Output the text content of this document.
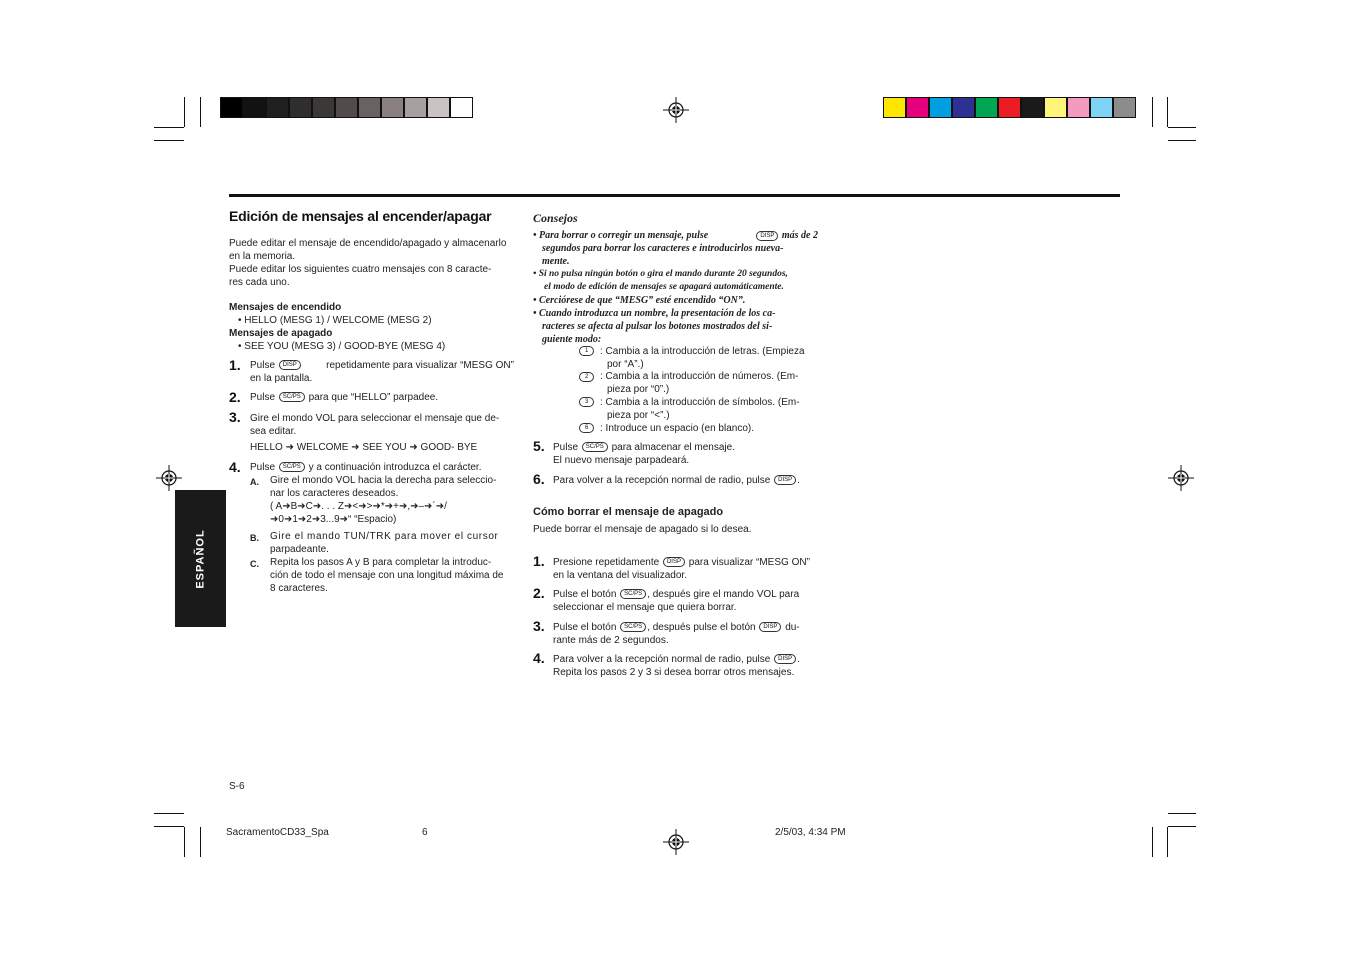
ESPAÑOL
Edición de mensajes al encender/apagar

Puede editar el mensaje de encendido/apagado y almacenarlo

en la memoria.

Puede editar los siguientes cuatro mensajes con 8 caracte-

res cada uno.

Mensajes de encendido

• HELLO (MESG 1) / WELCOME (MESG 2)

Mensajes de apagado

• SEE YOU (MESG 3) / GOOD-BYE (MESG 4)

1. Pulse DISP	repetidamente para visualizar “MESG ON”

en la pantalla.

2. Pulse SC/PS para que “HELLO” parpadee.

3. Gire el mondo VOL para seleccionar el mensaje que de-

sea editar.

HELLO ➜ WELCOME ➜ SEE YOU ➜ GOOD- BYE

4. Pulse SC/PS y a continuación introduzca el carácter.

A. Gire el mondo VOL hacia la derecha para seleccio-

nar los caracteres deseados.

( A➜B➜C➜. . . Z➜<➜>➜*➜+➜,➜–➜´➜/

➜0➜1➜2➜3...9➜“ “Espacio)

B. Gire el mando TUN/TRK para mover el cursor

parpadeante.

C. Repita los pasos A y B para completar la introduc-

ción de todo el mensaje con una longitud máxima de

8 caracteres.

Consejos

• Para borrar o corregir un mensaje, pulse	DISP más de 2

segundos para borrar los caracteres e introducirlos nueva-

mente.

• Si no pulsa ningún botón o gira el mando durante 20 segundos,

el modo de edición de mensajes se apagará automáticamente.

• Cerciórese de que “MESG” esté encendido “ON”.

• Cuando introduzca un nombre, la presentación de los ca-

racteres se afecta al pulsar los botones mostrados del si-

guiente modo:

1	: Cambia a la introducción de letras. (Empieza

por “A”.)

2	: Cambia a la introducción de números. (Em-

pieza por “0”.)

3	: Cambia a la introducción de símbolos. (Em-

pieza por “<”.)

6	: Introduce un espacio (en blanco).

5. Pulse SC/PS para almacenar el mensaje.

El nuevo mensaje parpadeará.

6. Para volver a la recepción normal de radio, pulse DISP .

Cómo borrar el mensaje de apagado
Puede borrar el mensaje de apagado si lo desea.
1. Presione repetidamente DISP para visualizar “MESG ON”

en la ventana del visualizador.

2. Pulse el botón SC/PS , después gire el mando VOL para

seleccionar el mensaje que quiera borrar.

3. Pulse el botón SC/PS , después pulse el botón DISP du-

rante más de 2 segundos.

4. Para volver a la recepción normal de radio, pulse DISP .

Repita los pasos 2 y 3 si desea borrar otros mensajes.

S-6
SacramentoCD33_Spa	6	2/5/03, 4:34 PM
